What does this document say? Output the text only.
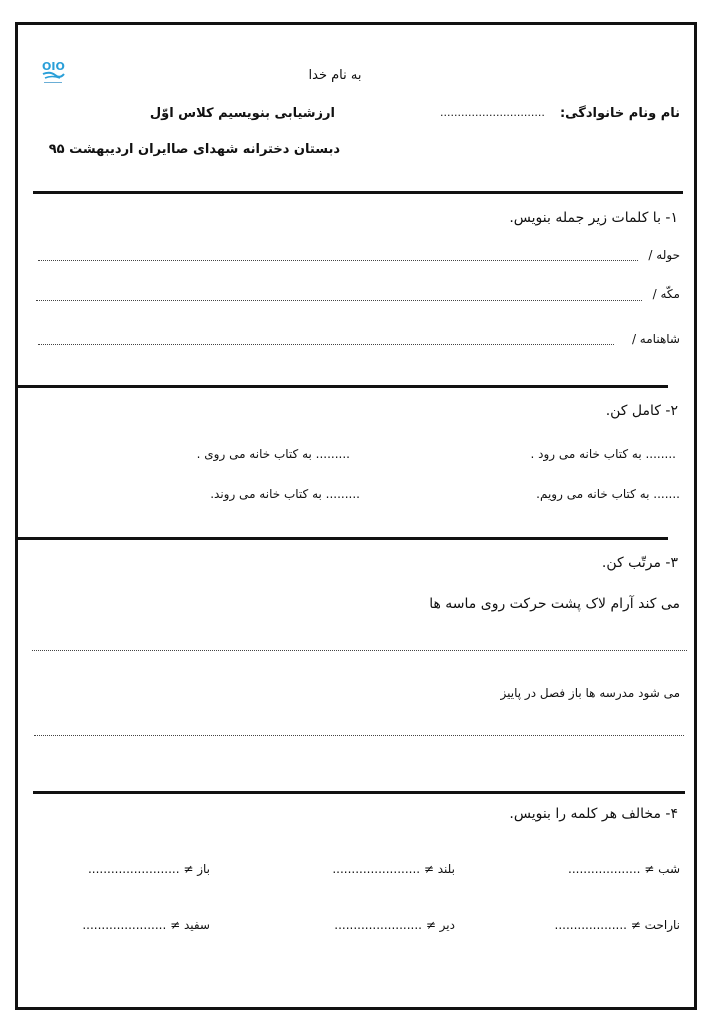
OIO
به نام خدا
نام ونام خانوادگی:
..............................
ارزشیابی بنویسیم کلاس اوّل
دبستان دخترانه شهدای صاایران اردیبهشت ۹۵
۱- با کلمات زیر جمله بنویس.
حوله /
مکّه /
شاهنامه /
۲- کامل کن.
........ به کتاب خانه می رود .
......... به کتاب خانه می روی .
....... به کتاب خانه می رویم.
......... به کتاب خانه می روند.
۳- مرتّب کن.
می کند آرام لاک پشت حرکت روی ماسه ها
می شود مدرسه ها باز فصل در پاییز
۴- مخالف هر کلمه را بنویس.
شب ≠ ...................
بلند ≠ .......................
باز ≠ ........................
ناراحت ≠ ...................
دیر ≠ .......................
سفید ≠ ......................
